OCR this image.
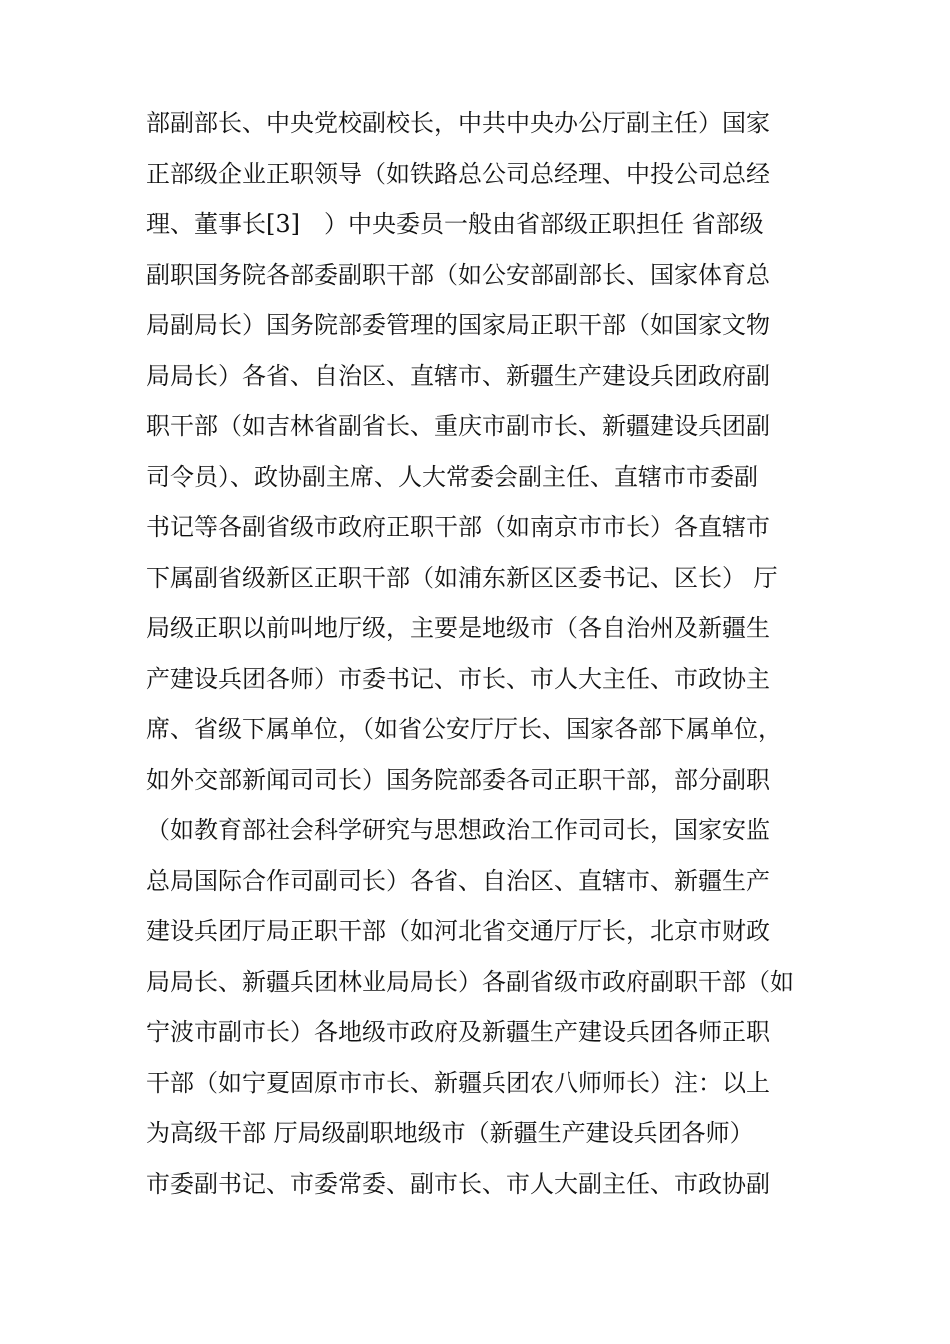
部副部长、中央党校副校长，中共中央办公厅副主任）国家
正部级企业正职领导（如铁路总公司总经理、中投公司总经
理、董事长[3]　）中央委员一般由省部级正职担任 省部级
副职国务院各部委副职干部（如公安部副部长、国家体育总
局副局长）国务院部委管理的国家局正职干部（如国家文物
局局长）各省、自治区、直辖市、新疆生产建设兵团政府副
职干部（如吉林省副省长、重庆市副市长、新疆建设兵团副
司令员）、政协副主席、人大常委会副主任、直辖市市委副
书记等各副省级市政府正职干部（如南京市市长）各直辖市
下属副省级新区正职干部（如浦东新区区委书记、区长） 厅
局级正职以前叫地厅级，主要是地级市（各自治州及新疆生
产建设兵团各师）市委书记、市长、市人大主任、市政协主
席、省级下属单位，（如省公安厅厅长、国家各部下属单位，
如外交部新闻司司长）国务院部委各司正职干部，部分副职
（如教育部社会科学研究与思想政治工作司司长，国家安监
总局国际合作司副司长）各省、自治区、直辖市、新疆生产
建设兵团厅局正职干部（如河北省交通厅厅长，北京市财政
局局长、新疆兵团林业局局长）各副省级市政府副职干部（如
宁波市副市长）各地级市政府及新疆生产建设兵团各师正职
干部（如宁夏固原市市长、新疆兵团农八师师长）注：以上
为高级干部 厅局级副职地级市（新疆生产建设兵团各师）
市委副书记、市委常委、副市长、市人大副主任、市政协副
